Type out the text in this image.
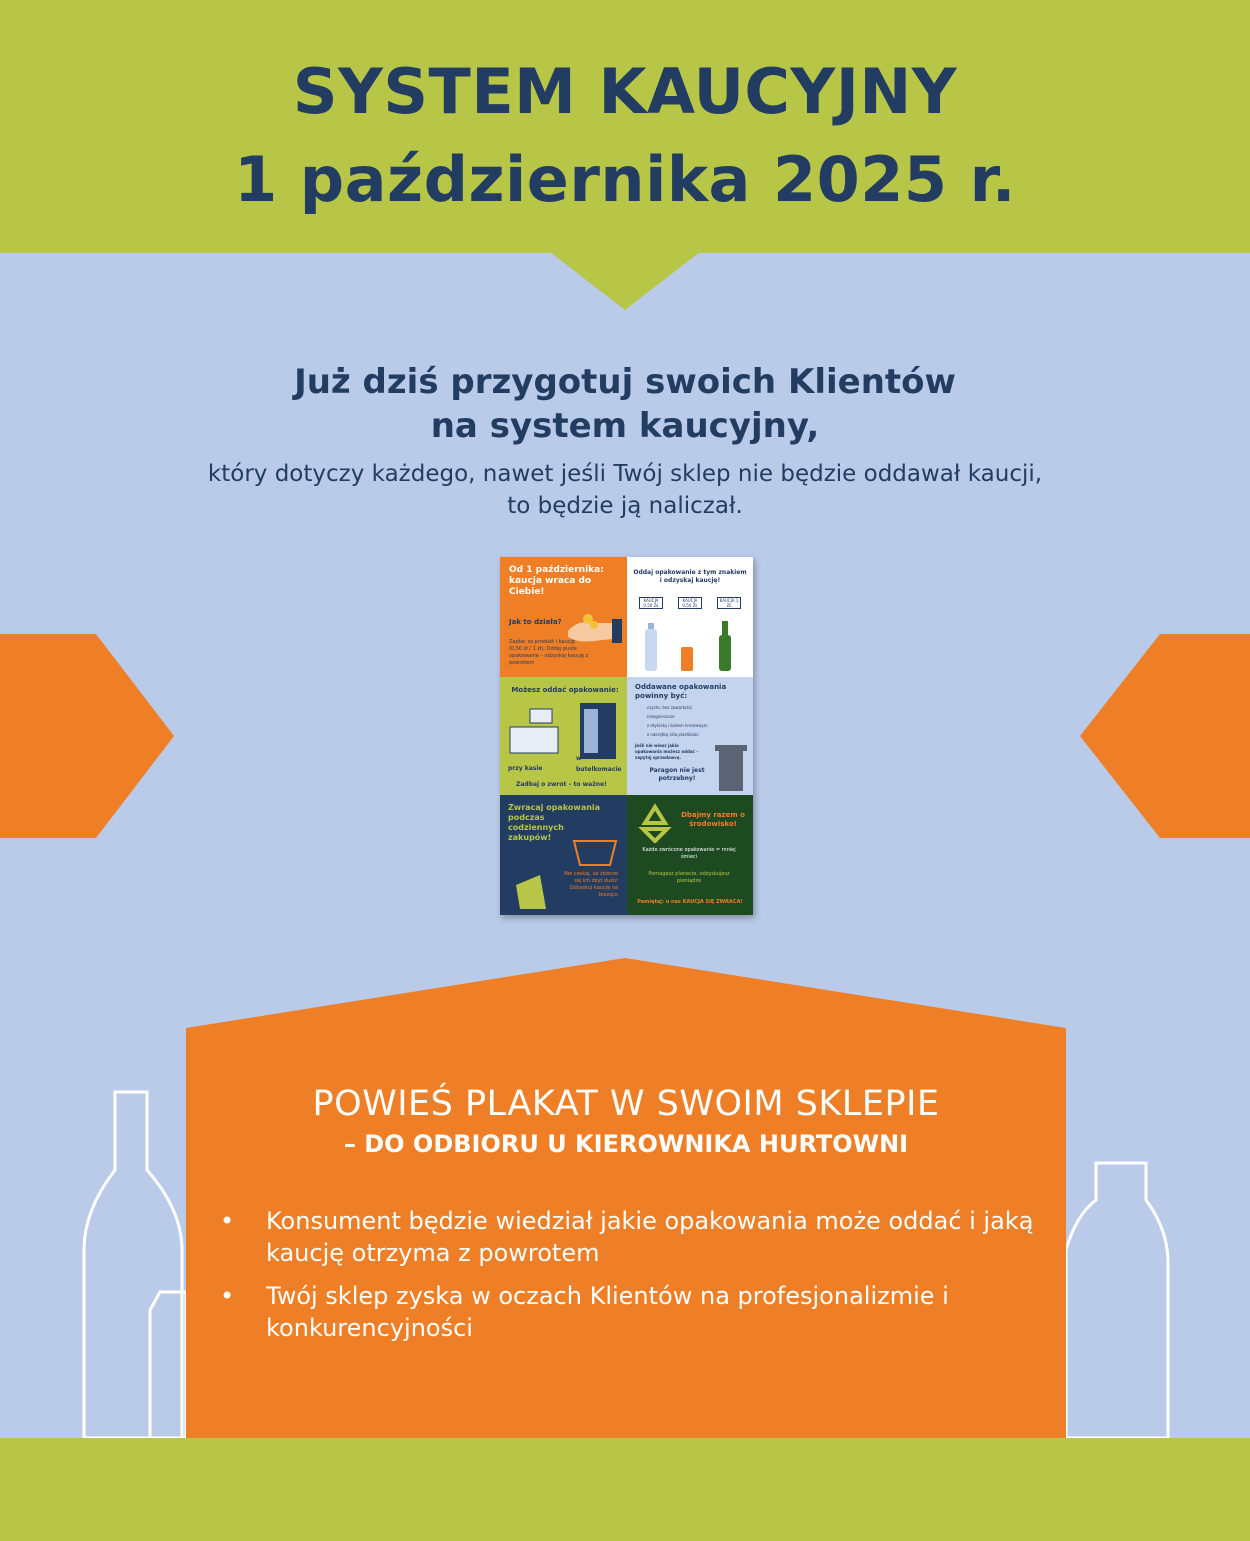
SYSTEM KAUCYJNY
1 października 2025 r.
Już dziś przygotuj swoich Klientów
na system kaucyjny,
który dotyczy każdego, nawet jeśli Twój sklep nie będzie oddawał kaucji,
to będzie ją naliczał.
Od 1 października: kaucja wraca do Ciebie!
Jak to działa?
Zapłać za produkt i kaucję (0,50 zł / 1 zł). Oddaj puste opakowanie – odzyskaj kaucję z powrotem
Oddaj opakowanie z tym znakiem i odzyskaj kaucję!
KAUCJA 0,50 ZŁ
KAUCJA 0,50 ZŁ
KAUCJA 1 ZŁ
Możesz oddać opakowanie:
przy kasie
w butelkomacie
Zadbaj o zwrot – to ważne!
Oddawane opakowania powinny być:
czyste, bez zawartości
niezgniecione
z etykietą i kodem kreskowym
z nakrętką (dla plastików)
Jeśli nie wiesz jakie opakowania możesz oddać – zapytaj sprzedawcę.
Paragon nie jest potrzebny!
Zwracaj opakowania podczas codziennych zakupów!
Nie czekaj, aż zbierze się ich zbyt dużo! Odzyskuj kaucję na bieżąco
Dbajmy razem o środowisko!
Każde zwrócone opakowanie = mniej śmieci
Pomagasz planecie, odzyskujesz pieniądze
Pamiętaj: u nas KAUCJA SIĘ ZWRACA!
POWIEŚ PLAKAT W SWOIM SKLEPIE
– DO ODBIORU U KIEROWNIKA HURTOWNI
• Konsument będzie wiedział jakie opakowania może oddać i jaką kaucję otrzyma z powrotem
• Twój sklep zyska w oczach Klientów na profesjonalizmie i konkurencyjności
